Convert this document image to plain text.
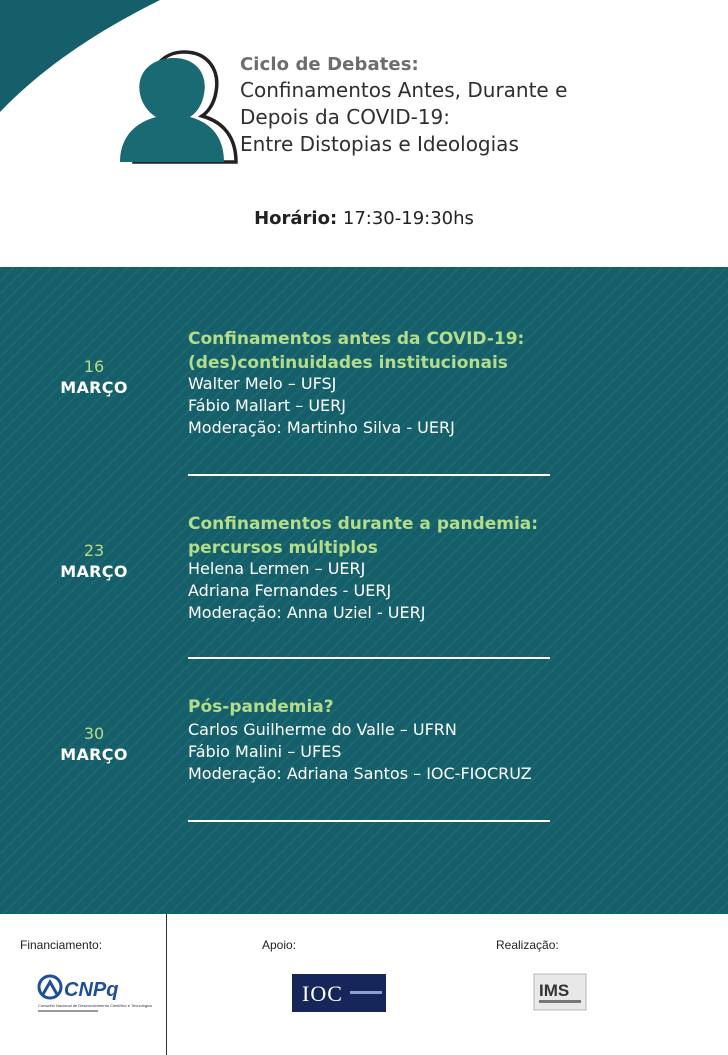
Ciclo de Debates:
Confinamentos Antes, Durante e
Depois da COVID-19:
Entre Distopias e Ideologias
Horário: 17:30-19:30hs
16
MARÇO
Confinamentos antes da COVID-19:
(des)continuidades institucionais
Walter Melo – UFSJ
Fábio Mallart – UERJ
Moderação: Martinho Silva - UERJ
23
MARÇO
Confinamentos durante a pandemia:
percursos múltiplos
Helena Lermen – UERJ
Adriana Fernandes - UERJ
Moderação: Anna Uziel - UERJ
30
MARÇO
Pós-pandemia?
Carlos Guilherme do Valle – UFRN
Fábio Malini – UFES
Moderação: Adriana Santos – IOC-FIOCRUZ
Financiamento:	Apoio:	Realização:
CNPq
Conselho Nacional de Desenvolvimento Científico e Tecnológico	IOC	IMS
